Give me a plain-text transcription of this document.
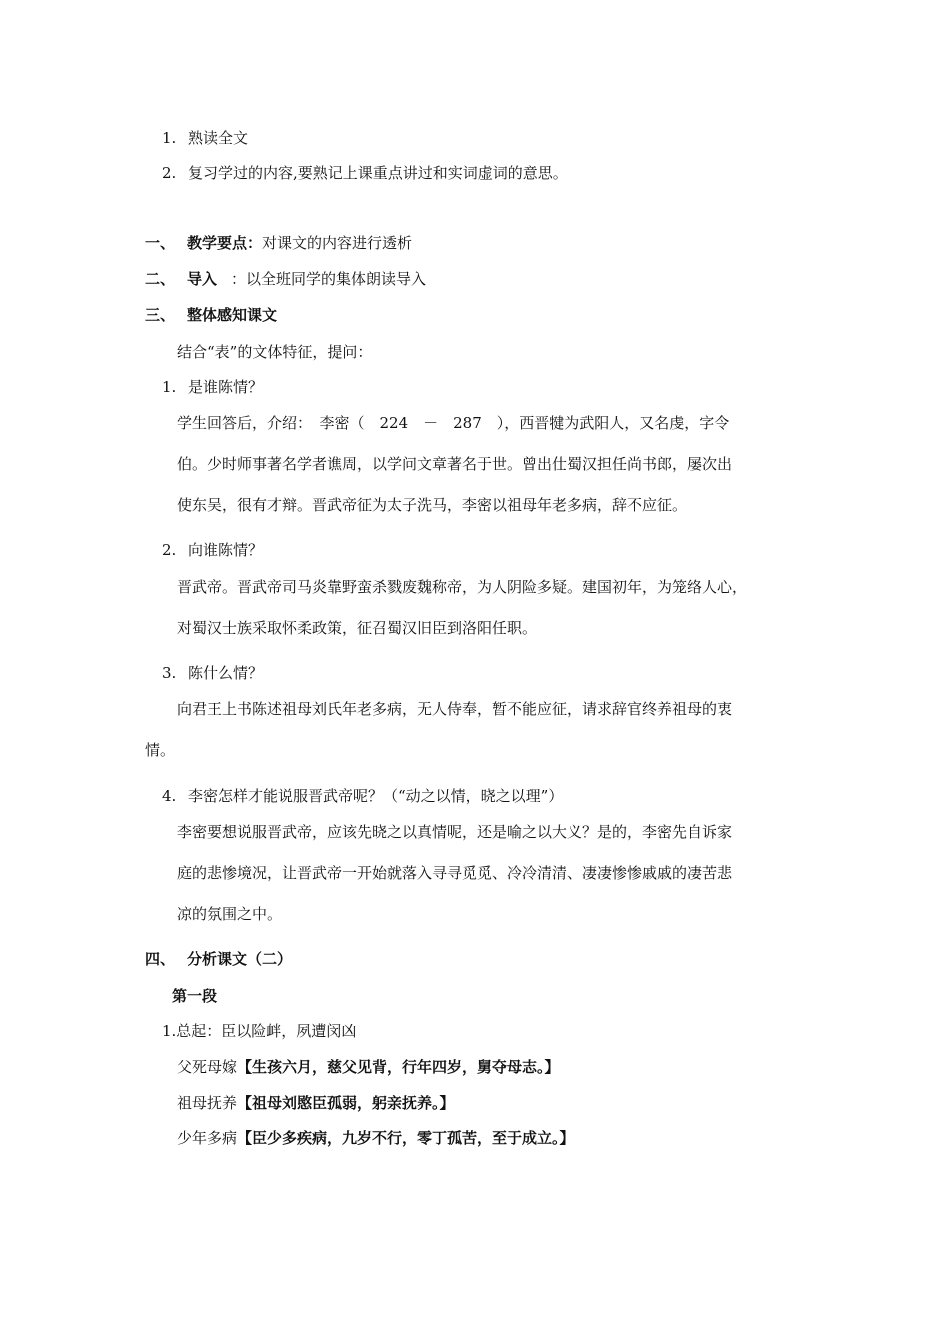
1. 熟读全文
2. 复习学过的内容,要熟记上课重点讲过和实词虚词的意思。
一、 教学要点：对课文的内容进行透析
二、 导入 ：以全班同学的集体朗读导入
三、 整体感知课文
结合“表”的文体特征，提问：
1. 是谁陈情？
学生回答后，介绍：　李密（　224　－　287　），西晋犍为武阳人，又名虔，字令
伯。少时师事著名学者谯周，以学问文章著名于世。曾出仕蜀汉担任尚书郎，屡次出
使东吴，很有才辩。晋武帝征为太子洗马，李密以祖母年老多病，辞不应征。
2. 向谁陈情？
晋武帝。晋武帝司马炎靠野蛮杀戮废魏称帝，为人阴险多疑。建国初年，为笼络人心，
对蜀汉士族采取怀柔政策，征召蜀汉旧臣到洛阳任职。
3. 陈什么情？
向君王上书陈述祖母刘氏年老多病，无人侍奉，暂不能应征，请求辞官终养祖母的衷
情。
4. 李密怎样才能说服晋武帝呢？（“动之以情，晓之以理”）
李密要想说服晋武帝，应该先晓之以真情呢，还是喻之以大义？是的，李密先自诉家
庭的悲惨境况，让晋武帝一开始就落入寻寻觅觅、冷冷清清、凄凄惨惨戚戚的凄苦悲
凉的氛围之中。
四、 分析课文（二）
第一段
1.总起：臣以险衅，夙遭闵凶
父死母嫁【生孩六月，慈父见背，行年四岁，舅夺母志。】
祖母抚养【祖母刘愍臣孤弱，躬亲抚养。】
少年多病【臣少多疾病，九岁不行，零丁孤苦，至于成立。】
